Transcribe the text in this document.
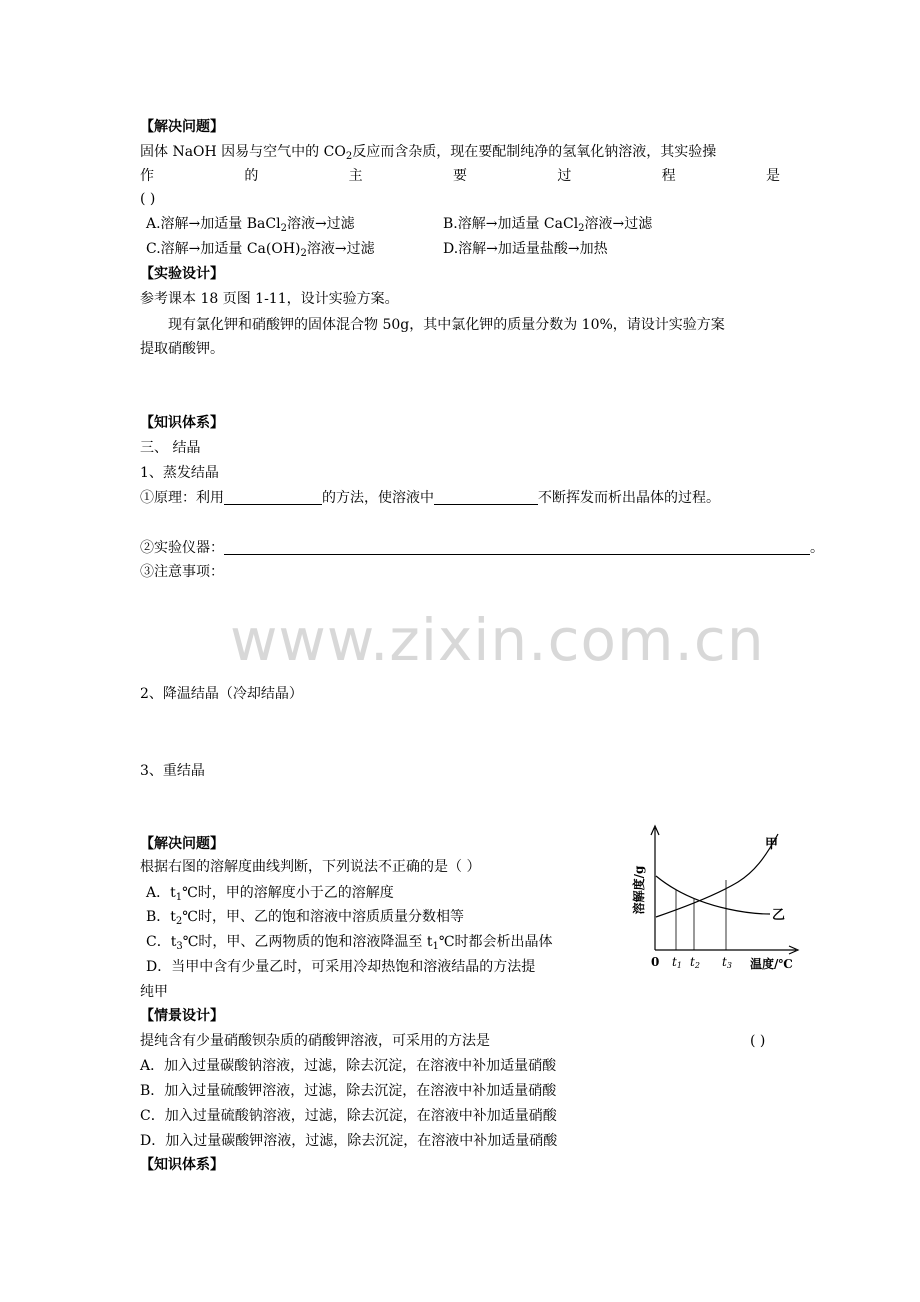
【解决问题】
固体 NaOH 因易与空气中的 $CO_2$反应而含杂质，现在要配制纯净的氢氧化钠溶液，其实验操
作	的	主	要	过	程	是
( )
A.溶解→加适量 BaCl$_2$溶液→过滤	B.溶解→加适量 CaCl$_2$溶液→过滤
C.溶解→加适量 $Ca(OH)_2$溶液→过滤	D.溶解→加适量盐酸→加热
【实验设计】
参考课本 18 页图 1-11，设计实验方案。
现有氯化钾和硝酸钾的固体混合物 50g，其中氯化钾的质量分数为 10%，请设计实验方案
提取硝酸钾。
【知识体系】
三、 结晶
1、蒸发结晶
①原理：利用	的方法，使溶液中	不断挥发而析出晶体的过程。
②实验仪器：	。
③注意事项：
www.zixin.com.cn
2、降温结晶（冷却结晶）
3、重结晶
【解决问题】
根据右图的溶解度曲线判断，下列说法不正确的是（ ）
A．$t_1℃$时，甲的溶解度小于乙的溶解度
B．$t_2℃$时，甲、乙的饱和溶液中溶质质量分数相等
C．$t_3℃$时，甲、乙两物质的饱和溶液降温至 $t_1℃$时都会析出晶体
D．当甲中含有少量乙时，可采用冷却热饱和溶液结晶的方法提
纯甲
溶解度/g
甲
乙
0 t1 t2 t3 温度/℃
【情景设计】
提纯含有少量硝酸钡杂质的硝酸钾溶液，可采用的方法是	( )
A．加入过量碳酸钠溶液，过滤，除去沉淀，在溶液中补加适量硝酸
B．加入过量硫酸钾溶液，过滤，除去沉淀，在溶液中补加适量硝酸
C．加入过量硫酸钠溶液，过滤，除去沉淀，在溶液中补加适量硝酸
D．加入过量碳酸钾溶液，过滤，除去沉淀，在溶液中补加适量硝酸
【知识体系】
